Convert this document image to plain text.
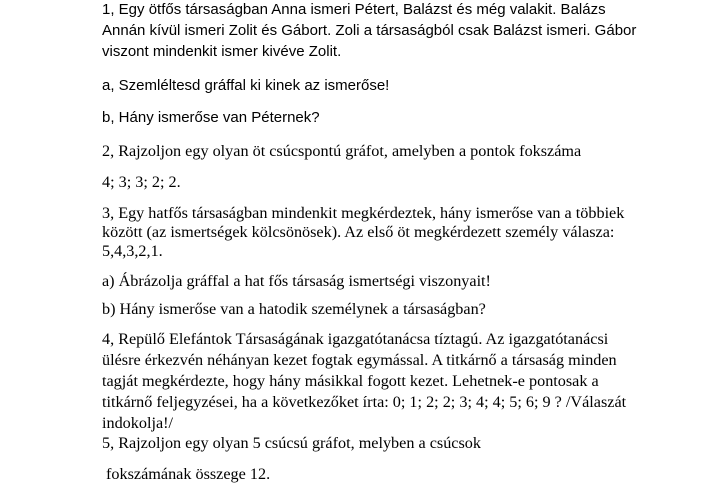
1, Egy ötfős társaságban Anna ismeri Pétert, Balázst és még valakit. Balázs
Annán kívül ismeri Zolit és Gábort. Zoli a társaságból csak Balázst ismeri. Gábor
viszont mindenkit ismer kivéve Zolit.
a, Szemléltesd gráffal ki kinek az ismerőse!
b, Hány ismerőse van Péternek?
2, Rajzoljon egy olyan öt csúcspontú gráfot, amelyben a pontok fokszáma
4; 3; 3; 2; 2.
3, Egy hatfős társaságban mindenkit megkérdeztek, hány ismerőse van a többiek
között (az ismertségek kölcsönösek). Az első öt megkérdezett személy válasza:
5,4,3,2,1.
a) Ábrázolja gráffal a hat fős társaság ismertségi viszonyait!
b) Hány ismerőse van a hatodik személynek a társaságban?
4, Repülő Elefántok Társaságának igazgatótanácsa tíztagú. Az igazgatótanácsi
ülésre érkezvén néhányan kezet fogtak egymással. A titkárnő a társaság minden
tagját megkérdezte, hogy hány másikkal fogott kezet. Lehetnek-e pontosak a
titkárnő feljegyzései, ha a következőket írta: 0; 1; 2; 2; 3; 4; 4; 5; 6; 9 ? /Válaszát
indokolja!/
5, Rajzoljon egy olyan 5 csúcsú gráfot, melyben a csúcsok
fokszámának összege 12.
